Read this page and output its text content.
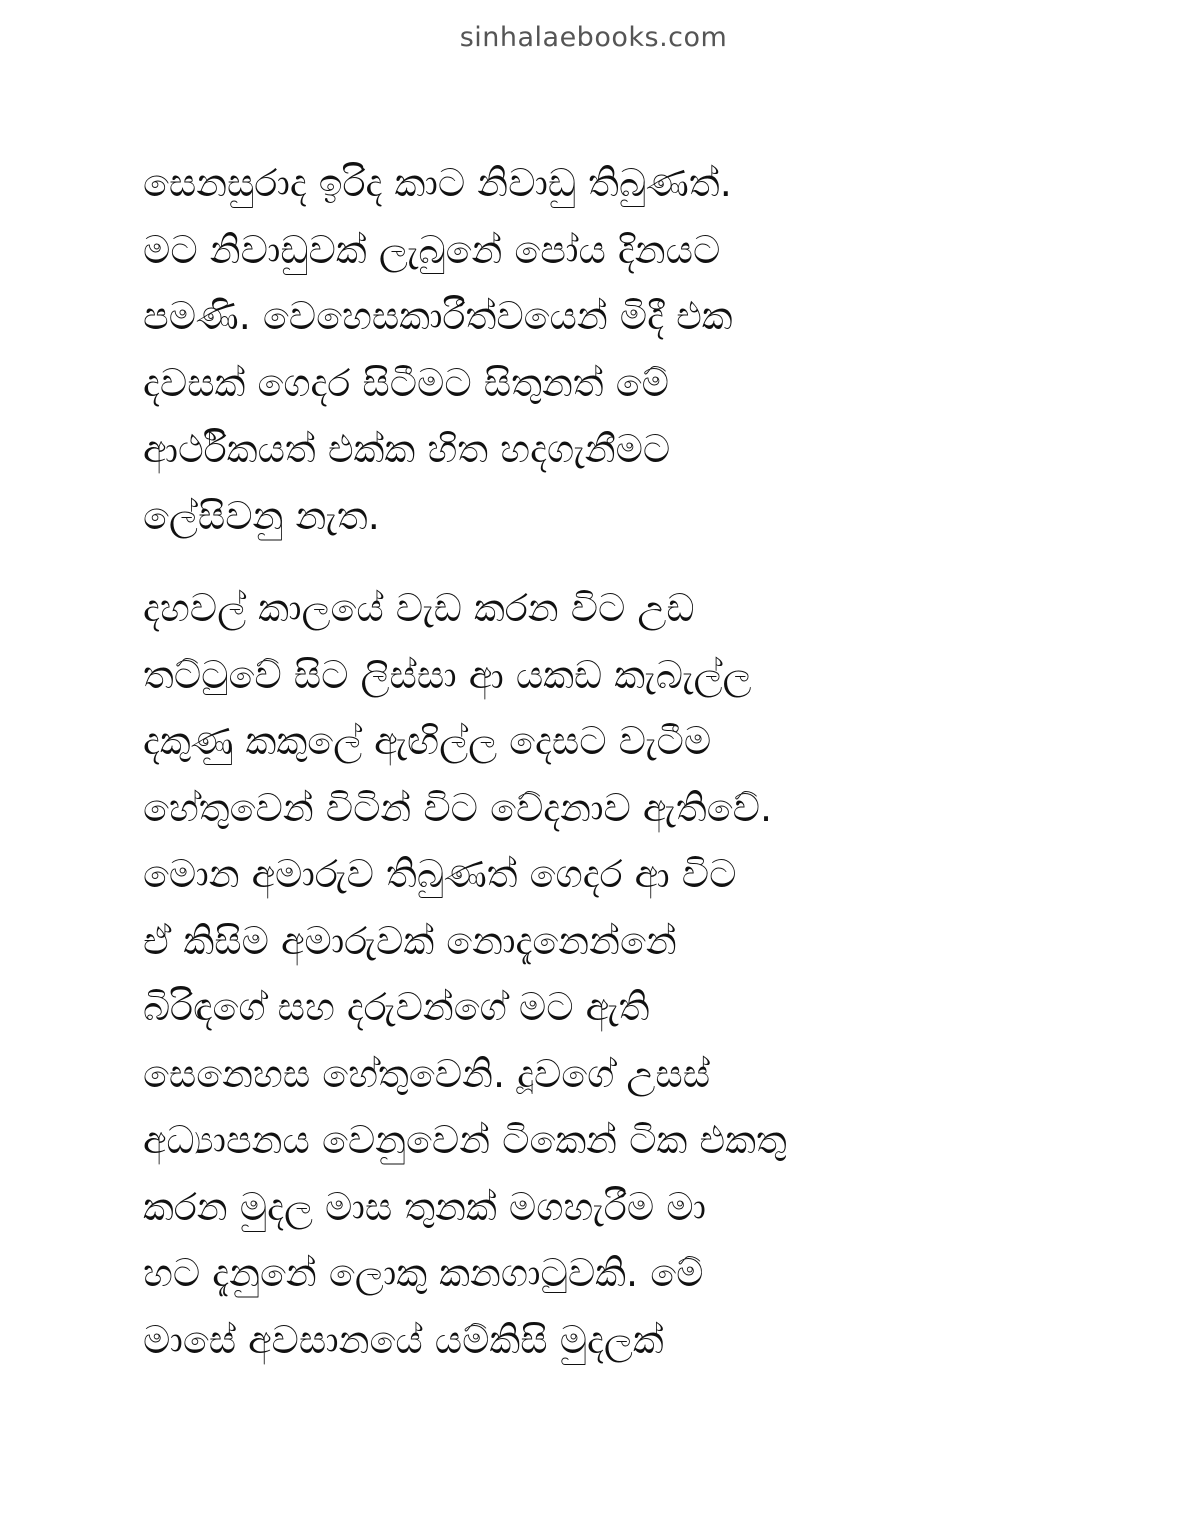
sinhalaebooks.com
සෙනසුරාද ඉරිද කාට නිවාඩු තිබුණත්.
මට නිවාඩුවක් ලැබුනේ පෝය දිනයට
පමණි. වෙහෙසකාරීත්වයෙන් මිදී එක
දවසක් ගෙදර සිටීමට සිතුනත් මේ
ආර්ථිකයත් එක්ක හිත හදගැනීමට
ලේසිවනු නැත.
දහවල් කාලයේ වැඩ කරන විට උඩ
තට්ටුවේ සිට ලිස්සා ආ යකඩ කැබැල්ල
දකුණු කකුලේ ඇඟිල්ල දෙසට වැටීම
හේතුවෙන් විටින් විට වේදනාව ඇතිවේ.
මොන අමාරුව තිබුණත් ගෙදර ආ විට
ඒ කිසිම අමාරුවක් නොදැනෙන්නේ
බිරිඳගේ සහ දරුවන්ගේ මට ඇති
සෙනෙහස හේතුවෙනි. දූවගේ උසස්
අධ්‍යාපනය වෙනුවෙන් ටිකෙන් ටික එකතු
කරන මුදල මාස තුනක් මගහැරීම මා
හට දැනුනේ ලොකු කනගාටුවකි. මේ
මාසේ අවසානයේ යම්කිසි මුදලක්
